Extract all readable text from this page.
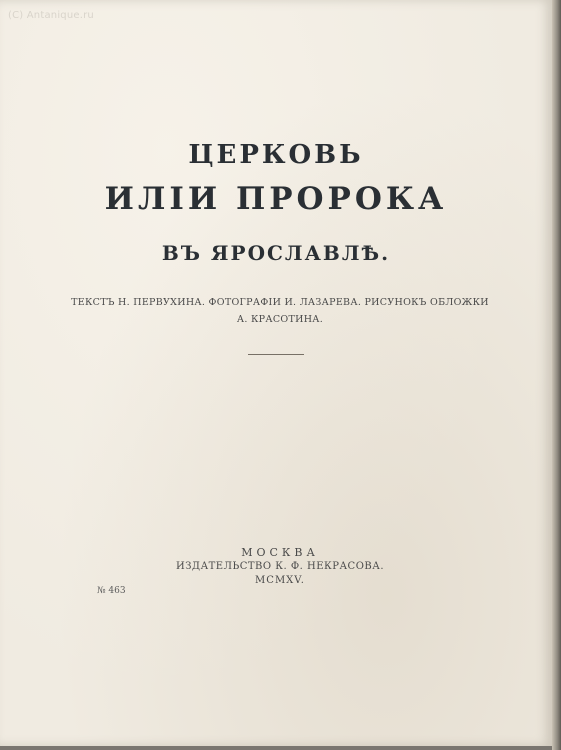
(C) Antanique.ru
ЦЕРКОВЬ
ИЛІИ ПРОРОКА
ВЪ ЯРОСЛАВЛѢ.
ТЕКСТЪ Н. ПЕРВУХИНА. ФОТОГРАФІИ И. ЛАЗАРЕВА. РИСУНОКЪ ОБЛОЖКИ
А. КРАСОТИНА.
МОСКВА
ИЗДАТЕЛЬСТВО К. Ф. НЕКРАСОВА.
MCMXV.
№ 463
